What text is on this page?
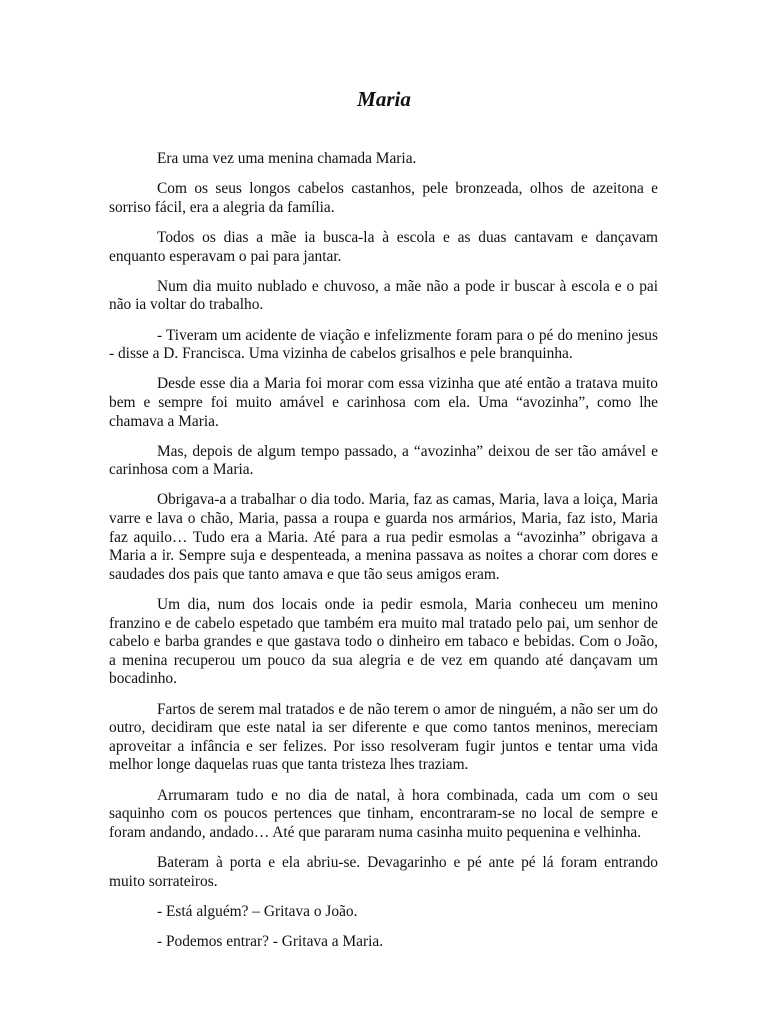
Maria

Era uma vez uma menina chamada Maria.

Com os seus longos cabelos castanhos, pele bronzeada, olhos de azeitona e sorriso fácil, era a alegria da família.

Todos os dias a mãe ia busca-la à escola e as duas cantavam e dançavam enquanto esperavam o pai para jantar.

Num dia muito nublado e chuvoso, a mãe não a pode ir buscar à escola e o pai não ia voltar do trabalho.

- Tiveram um acidente de viação e infelizmente foram para o pé do menino jesus - disse a D. Francisca. Uma vizinha de cabelos grisalhos e pele branquinha.

Desde esse dia a Maria foi morar com essa vizinha que até então a tratava muito bem e sempre foi muito amável e carinhosa com ela. Uma “avozinha”, como lhe chamava a Maria.

Mas, depois de algum tempo passado, a “avozinha” deixou de ser tão amável e carinhosa com a Maria.

Obrigava-a a trabalhar o dia todo. Maria, faz as camas, Maria, lava a loiça, Maria varre e lava o chão, Maria, passa a roupa e guarda nos armários, Maria, faz isto, Maria faz aquilo… Tudo era a Maria. Até para a rua pedir esmolas a “avozinha” obrigava a Maria a ir. Sempre suja e despenteada, a menina passava as noites a chorar com dores e saudades dos pais que tanto amava e que tão seus amigos eram.

Um dia, num dos locais onde ia pedir esmola, Maria conheceu um menino franzino e de cabelo espetado que também era muito mal tratado pelo pai, um senhor de cabelo e barba grandes e que gastava todo o dinheiro em tabaco e bebidas. Com o João, a menina recuperou um pouco da sua alegria e de vez em quando até dançavam um bocadinho.

Fartos de serem mal tratados e de não terem o amor de ninguém, a não ser um do outro, decidiram que este natal ia ser diferente e que como tantos meninos, mereciam aproveitar a infância e ser felizes. Por isso resolveram fugir juntos e tentar uma vida melhor longe daquelas ruas que tanta tristeza lhes traziam.

Arrumaram tudo e no dia de natal, à hora combinada, cada um com o seu saquinho com os poucos pertences que tinham, encontraram-se no local de sempre e foram andando, andado… Até que pararam numa casinha muito pequenina e velhinha.

Bateram à porta e ela abriu-se. Devagarinho e pé ante pé lá foram entrando muito sorrateiros.

- Está alguém? – Gritava o João.

- Podemos entrar? - Gritava a Maria.
